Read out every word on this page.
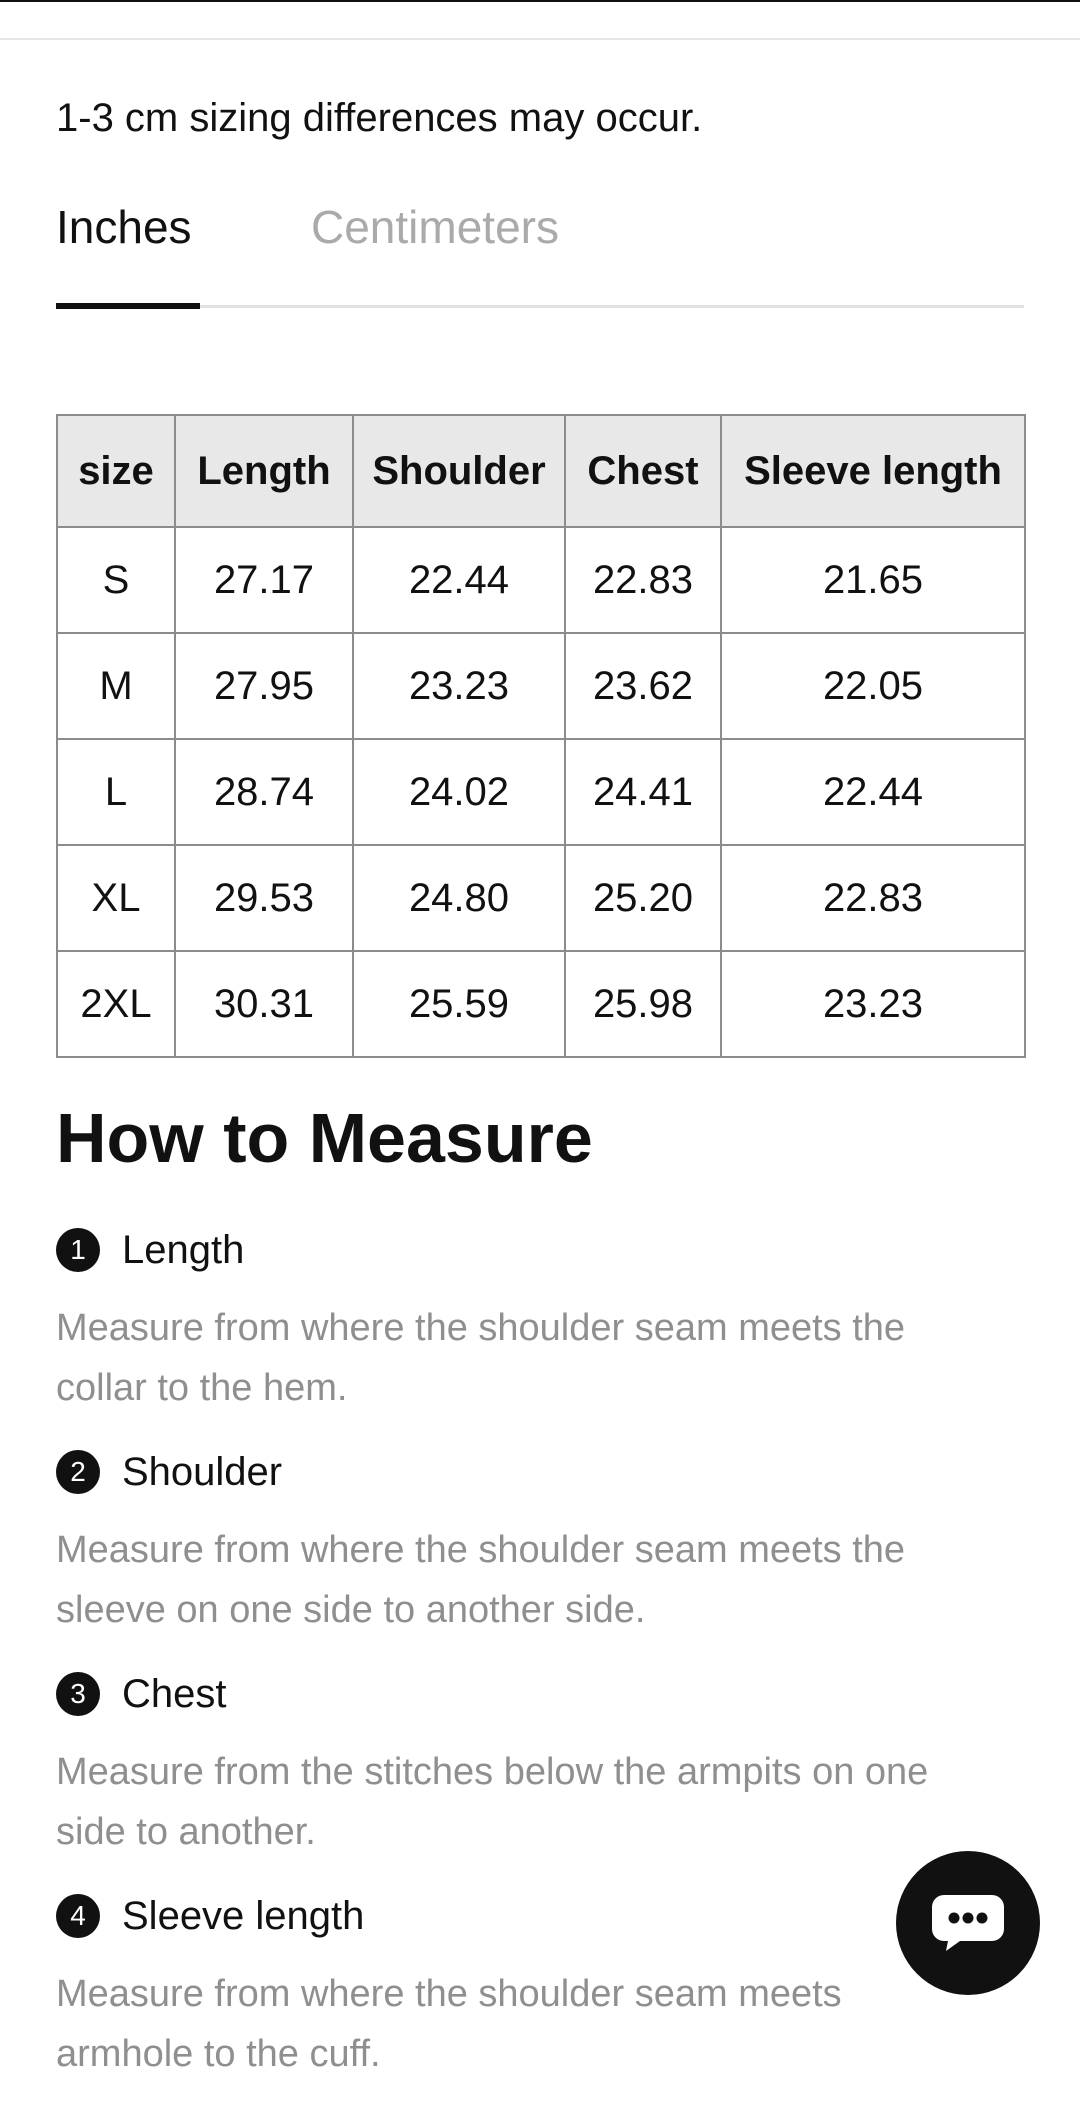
1-3 cm sizing differences may occur.
Inches	Centimeters
size	Length	Shoulder	Chest	Sleeve length
S	27.17	22.44	22.83	21.65
M	27.95	23.23	23.62	22.05
L	28.74	24.02	24.41	22.44
XL	29.53	24.80	25.20	22.83
2XL	30.31	25.59	25.98	23.23
How to Measure
1 Length
Measure from where the shoulder seam meets the collar to the hem.
2 Shoulder
Measure from where the shoulder seam meets the sleeve on one side to another side.
3 Chest
Measure from the stitches below the armpits on one side to another.
4 Sleeve length
Measure from where the shoulder seam meets armhole to the cuff.
